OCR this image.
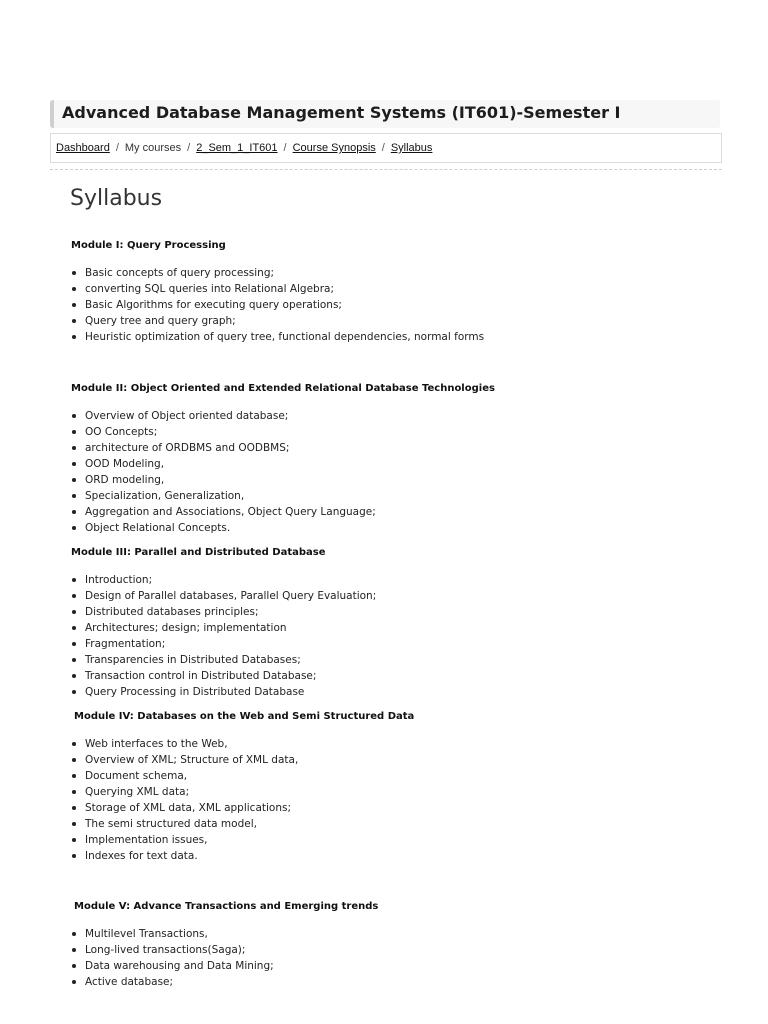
Advanced Database Management Systems (IT601)-Semester I
Dashboard / My courses / 2_Sem_1_IT601 / Course Synopsis / Syllabus
Syllabus
Module I: Query Processing
Basic concepts of query processing;
converting SQL queries into Relational Algebra;
Basic Algorithms for executing query operations;
Query tree and query graph;
Heuristic optimization of query tree, functional dependencies, normal forms
Module II: Object Oriented and Extended Relational Database Technologies
Overview of Object oriented database;
OO Concepts;
architecture of ORDBMS and OODBMS;
OOD Modeling,
ORD modeling,
Specialization, Generalization,
Aggregation and Associations, Object Query Language;
Object Relational Concepts.
Module III: Parallel and Distributed Database
Introduction;
Design of Parallel databases, Parallel Query Evaluation;
Distributed databases principles;
Architectures; design; implementation
Fragmentation;
Transparencies in Distributed Databases;
Transaction control in Distributed Database;
Query Processing in Distributed Database
Module IV: Databases on the Web and Semi Structured Data
Web interfaces to the Web,
Overview of XML; Structure of XML data,
Document schema,
Querying XML data;
Storage of XML data, XML applications;
The semi structured data model,
Implementation issues,
Indexes for text data.
Module V: Advance Transactions and Emerging trends
Multilevel Transactions,
Long-lived transactions(Saga);
Data warehousing and Data Mining;
Active database;
